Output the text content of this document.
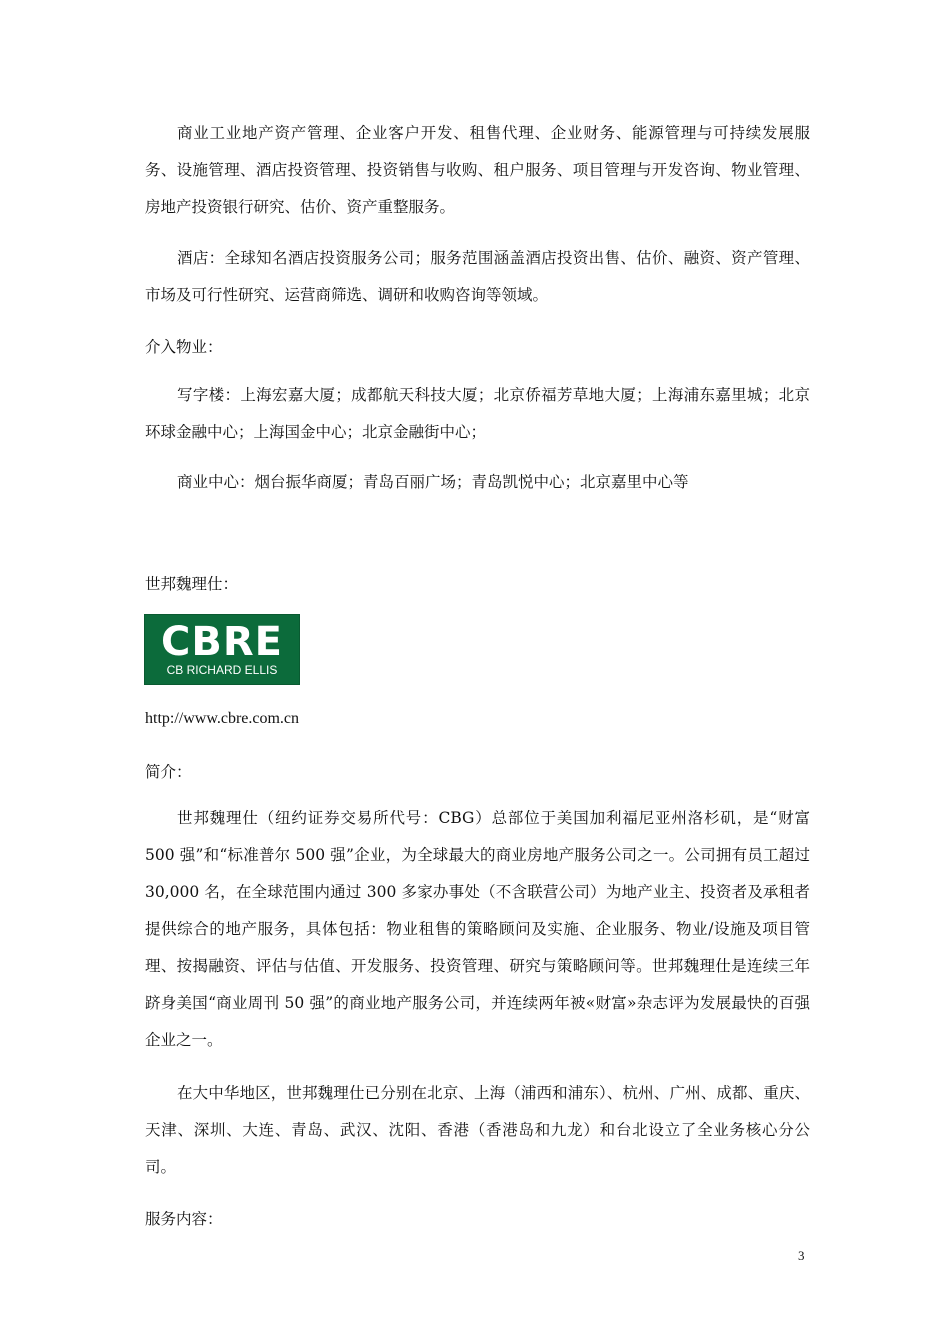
商业工业地产资产管理、企业客户开发、租售代理、企业财务、能源管理与可持续发展服务、设施管理、酒店投资管理、投资销售与收购、租户服务、项目管理与开发咨询、物业管理、房地产投资银行研究、估价、资产重整服务。

酒店：全球知名酒店投资服务公司；服务范围涵盖酒店投资出售、估价、融资、资产管理、市场及可行性研究、运营商筛选、调研和收购咨询等领域。

介入物业：

写字楼：上海宏嘉大厦；成都航天科技大厦；北京侨福芳草地大厦；上海浦东嘉里城；北京环球金融中心；上海国金中心；北京金融街中心；

商业中心：烟台振华商厦；青岛百丽广场；青岛凯悦中心；北京嘉里中心等

世邦魏理仕：

CBRE
CB RICHARD ELLIS
http://www.cbre.com.cn

简介：

世邦魏理仕（纽约证券交易所代号：CBG）总部位于美国加利福尼亚州洛杉矶，是“财富 500 强”和“标准普尔 500 强”企业，为全球最大的商业房地产服务公司之一。公司拥有员工超过 30,000 名，在全球范围内通过 300 多家办事处（不含联营公司）为地产业主、投资者及承租者提供综合的地产服务，具体包括：物业租售的策略顾问及实施、企业服务、物业/设施及项目管理、按揭融资、评估与估值、开发服务、投资管理、研究与策略顾问等。世邦魏理仕是连续三年跻身美国“商业周刊 50 强”的商业地产服务公司，并连续两年被«财富»杂志评为发展最快的百强企业之一。

在大中华地区，世邦魏理仕已分别在北京、上海（浦西和浦东）、杭州、广州、成都、重庆、天津、深圳、大连、青岛、武汉、沈阳、香港（香港岛和九龙）和台北设立了全业务核心分公司。

服务内容：

3
